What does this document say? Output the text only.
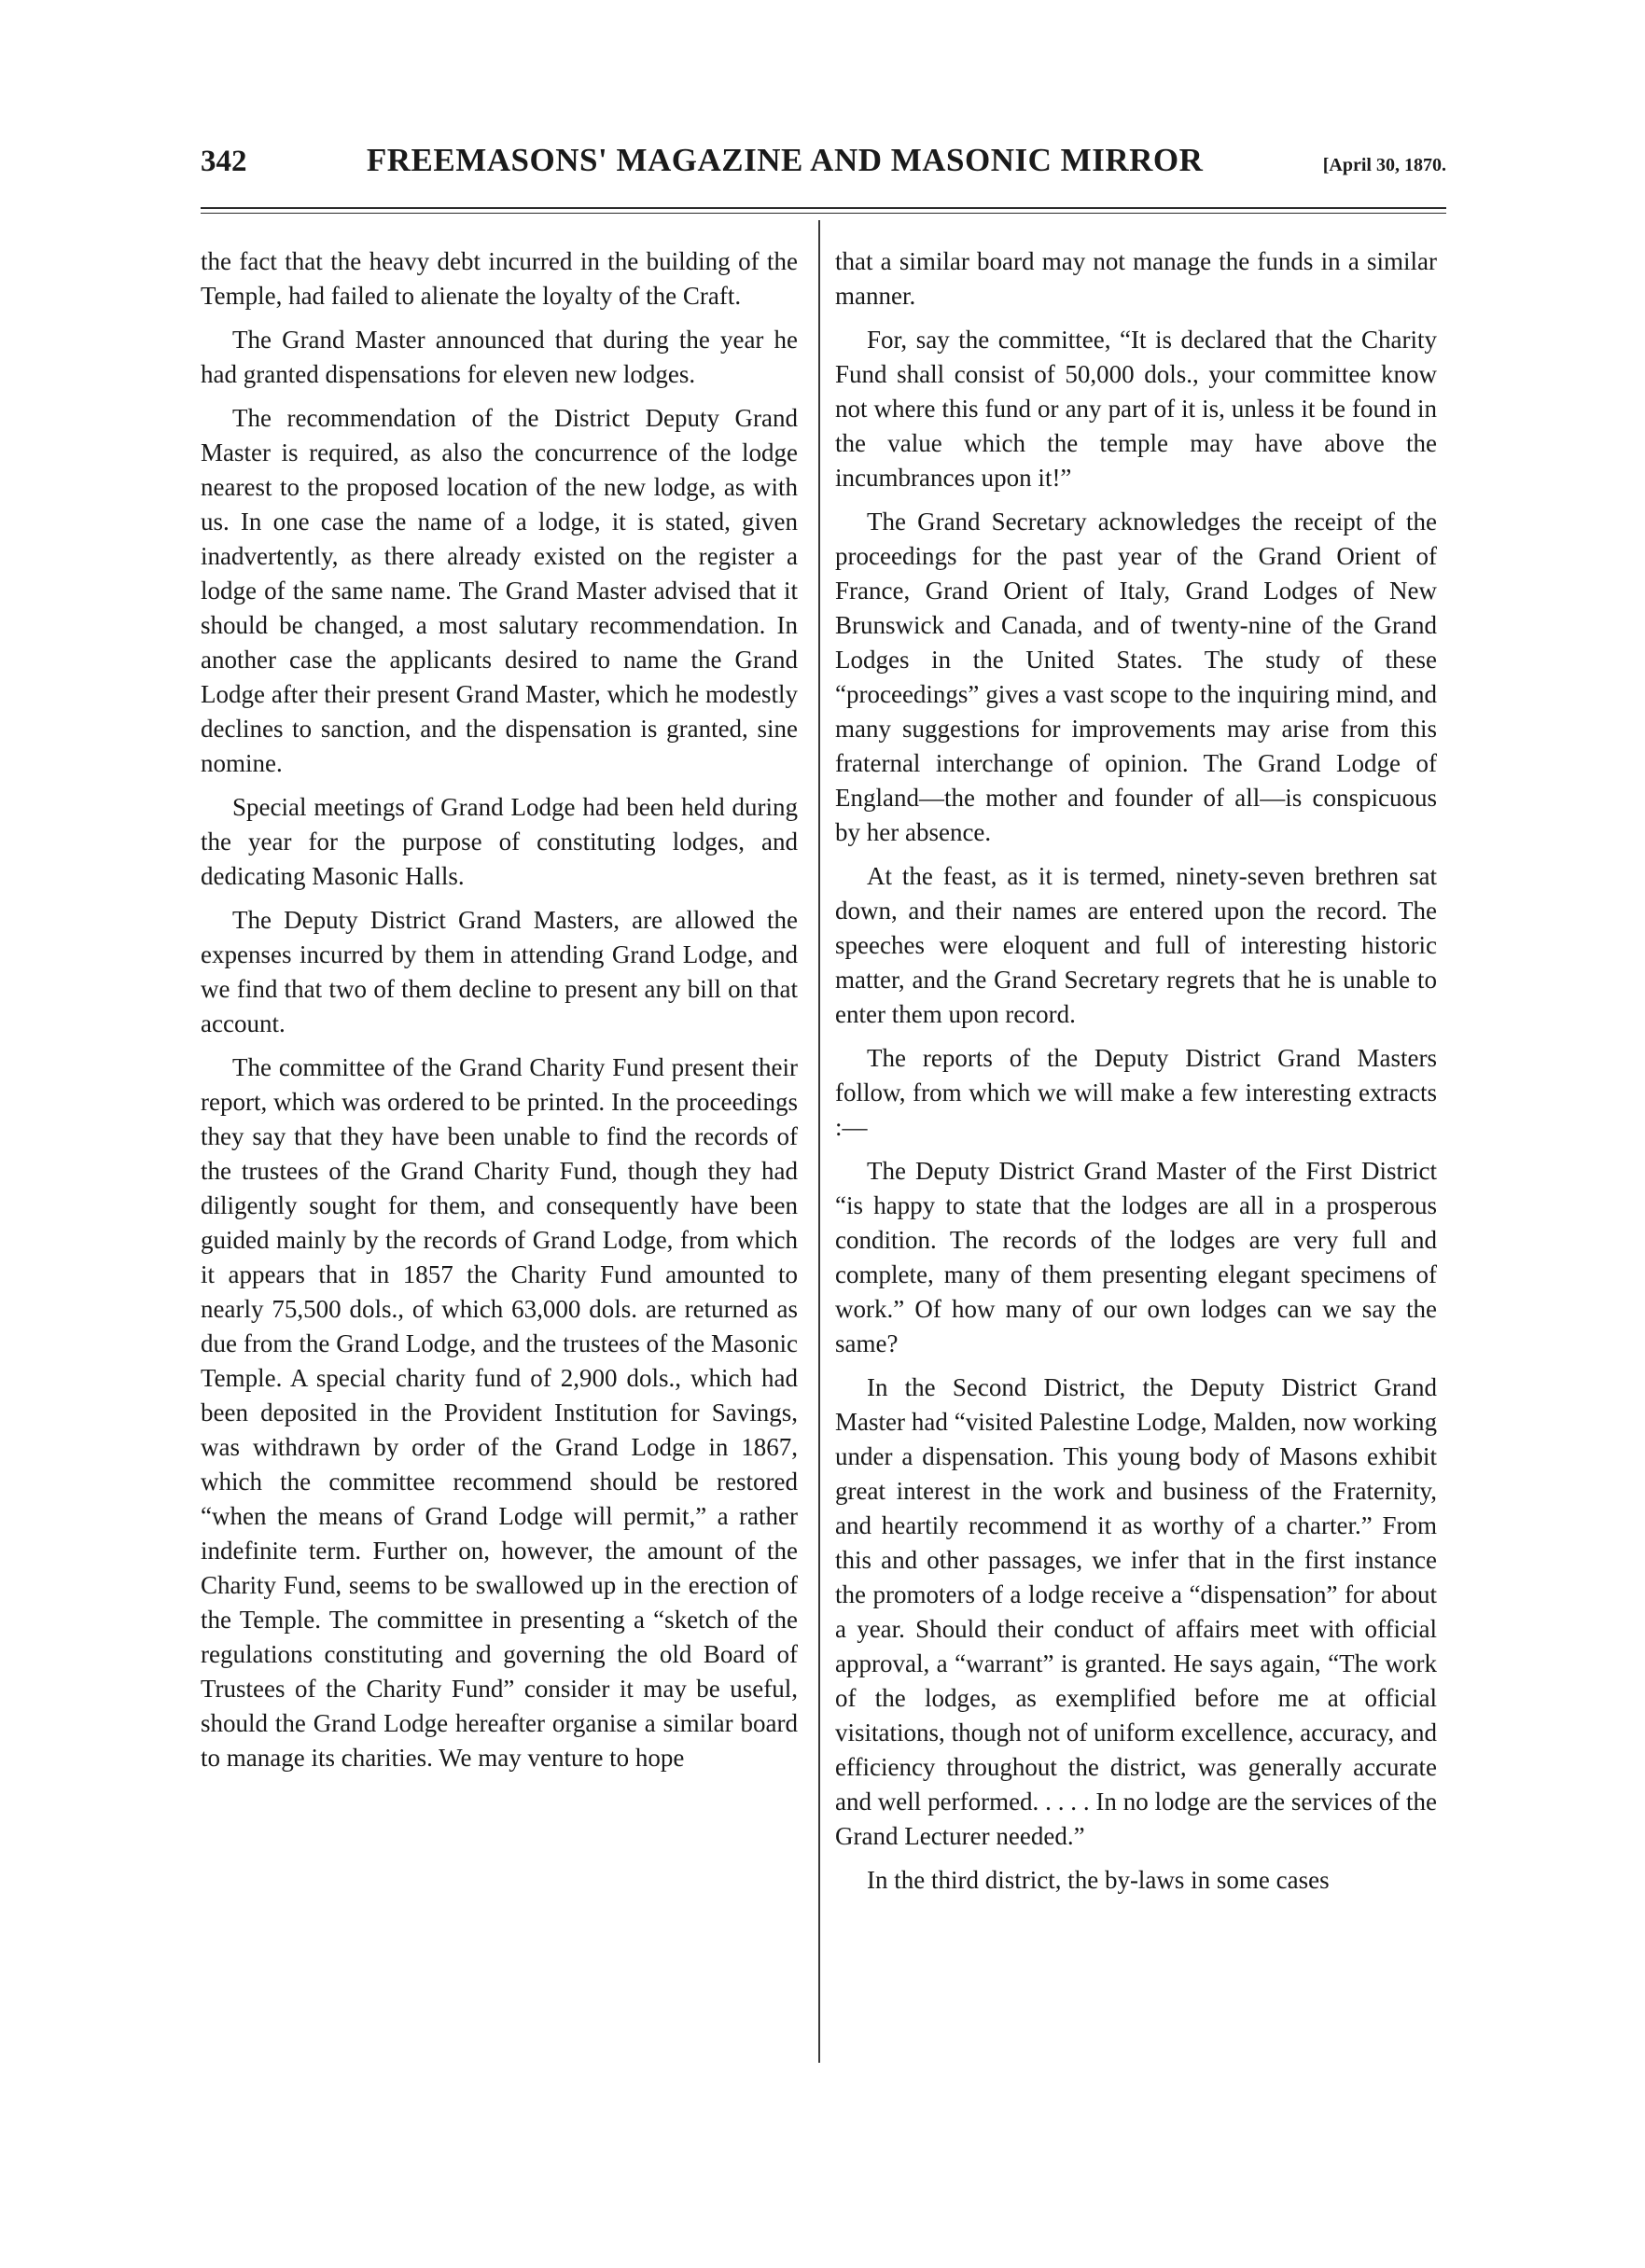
342	FREEMASONS' MAGAZINE AND MASONIC MIRROR	[April 30, 1870.

the fact that the heavy debt incurred in the building of the Temple, had failed to alienate the loyalty of the Craft.

The Grand Master announced that during the year he had granted dispensations for eleven new lodges.

The recommendation of the District Deputy Grand Master is required, as also the concurrence of the lodge nearest to the proposed location of the new lodge, as with us. In one case the name of a lodge, it is stated, given inadvertently, as there already existed on the register a lodge of the same name. The Grand Master advised that it should be changed, a most salutary recommendation. In another case the applicants desired to name the Grand Lodge after their present Grand Master, which he modestly declines to sanction, and the dispensation is granted, sine nomine.

Special meetings of Grand Lodge had been held during the year for the purpose of constituting lodges, and dedicating Masonic Halls.

The Deputy District Grand Masters, are allowed the expenses incurred by them in attending Grand Lodge, and we find that two of them decline to present any bill on that account.

The committee of the Grand Charity Fund present their report, which was ordered to be printed. In the proceedings they say that they have been unable to find the records of the trustees of the Grand Charity Fund, though they had diligently sought for them, and consequently have been guided mainly by the records of Grand Lodge, from which it appears that in 1857 the Charity Fund amounted to nearly 75,500 dols., of which 63,000 dols. are returned as due from the Grand Lodge, and the trustees of the Masonic Temple. A special charity fund of 2,900 dols., which had been deposited in the Provident Institution for Savings, was withdrawn by order of the Grand Lodge in 1867, which the committee recommend should be restored “when the means of Grand Lodge will permit,” a rather indefinite term. Further on, however, the amount of the Charity Fund, seems to be swallowed up in the erection of the Temple. The committee in presenting a “sketch of the regulations constituting and governing the old Board of Trustees of the Charity Fund” consider it may be useful, should the Grand Lodge hereafter organise a similar board to manage its charities. We may venture to hope

that a similar board may not manage the funds in a similar manner.

For, say the committee, “It is declared that the Charity Fund shall consist of 50,000 dols., your committee know not where this fund or any part of it is, unless it be found in the value which the temple may have above the incumbrances upon it!”

The Grand Secretary acknowledges the receipt of the proceedings for the past year of the Grand Orient of France, Grand Orient of Italy, Grand Lodges of New Brunswick and Canada, and of twenty-nine of the Grand Lodges in the United States. The study of these “proceedings” gives a vast scope to the inquiring mind, and many suggestions for improvements may arise from this fraternal interchange of opinion. The Grand Lodge of England—the mother and founder of all—is conspicuous by her absence.

At the feast, as it is termed, ninety-seven brethren sat down, and their names are entered upon the record. The speeches were eloquent and full of interesting historic matter, and the Grand Secretary regrets that he is unable to enter them upon record.

The reports of the Deputy District Grand Masters follow, from which we will make a few interesting extracts :—

The Deputy District Grand Master of the First District “is happy to state that the lodges are all in a prosperous condition. The records of the lodges are very full and complete, many of them presenting elegant specimens of work.” Of how many of our own lodges can we say the same?

In the Second District, the Deputy District Grand Master had “visited Palestine Lodge, Malden, now working under a dispensation. This young body of Masons exhibit great interest in the work and business of the Fraternity, and heartily recommend it as worthy of a charter.” From this and other passages, we infer that in the first instance the promoters of a lodge receive a “dispensation” for about a year. Should their conduct of affairs meet with official approval, a “warrant” is granted. He says again, “The work of the lodges, as exemplified before me at official visitations, though not of uniform excellence, accuracy, and efficiency throughout the district, was generally accurate and well performed. . . . . In no lodge are the services of the Grand Lecturer needed.”

In the third district, the by-laws in some cases
